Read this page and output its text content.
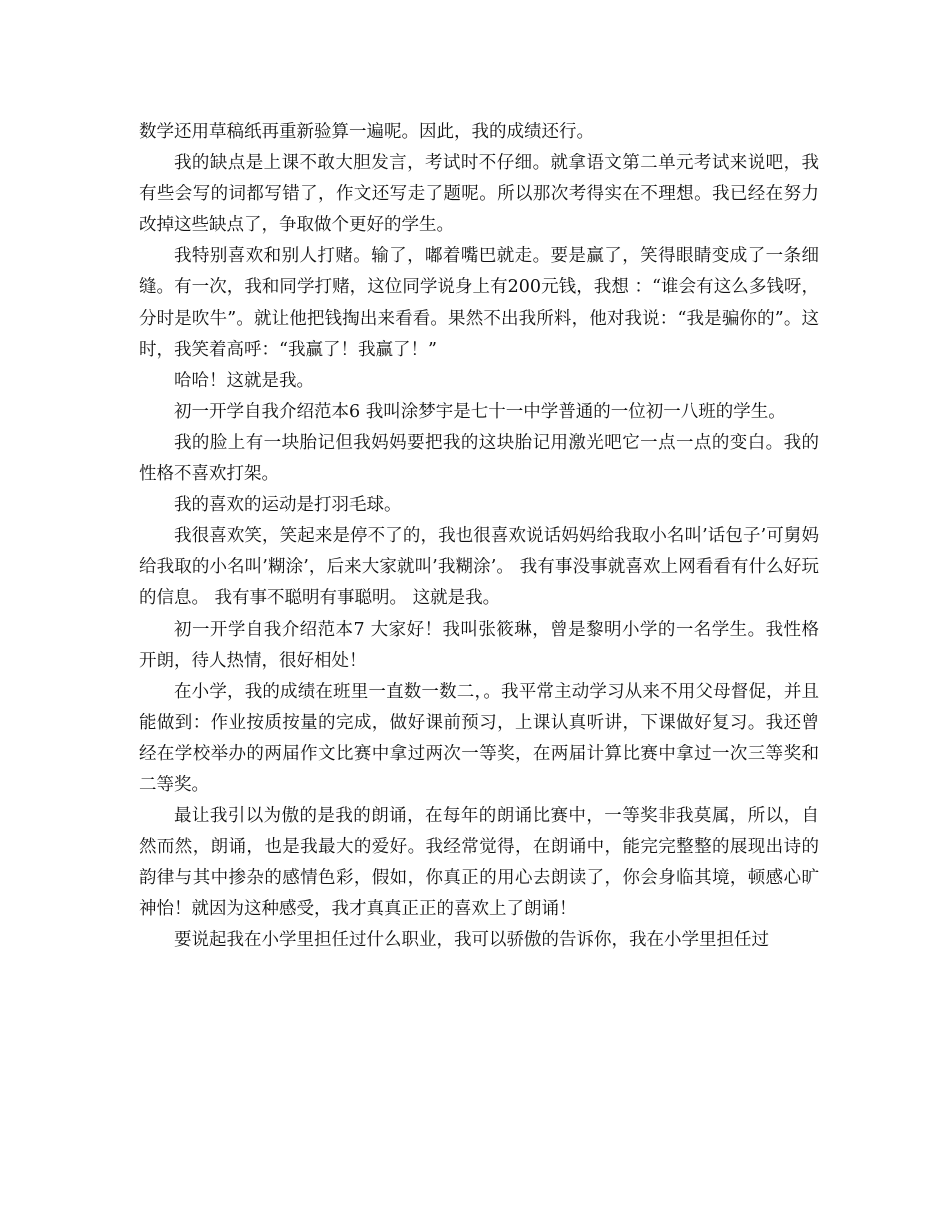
数学还用草稿纸再重新验算一遍呢。因此，我的成绩还行。

我的缺点是上课不敢大胆发言，考试时不仔细。就拿语文第二单元考试来说吧，我有些会写的词都写错了，作文还写走了题呢。所以那次考得实在不理想。我已经在努力改掉这些缺点了，争取做个更好的学生。

我特别喜欢和别人打赌。输了，嘟着嘴巴就走。要是赢了，笑得眼睛变成了一条细缝。有一次，我和同学打赌，这位同学说身上有200元钱，我想 ：“谁会有这么多钱呀，分时是吹牛”。就让他把钱掏出来看看。果然不出我所料，他对我说：“我是骗你的”。这时，我笑着高呼：“我赢了！我赢了！”

哈哈！这就是我。

初一开学自我介绍范本6 我叫涂梦宇是七十一中学普通的一位初一八班的学生。

我的脸上有一块胎记但我妈妈要把我的这块胎记用激光吧它一点一点的变白。我的性格不喜欢打架。

我的喜欢的运动是打羽毛球。

我很喜欢笑，笑起来是停不了的，我也很喜欢说话妈妈给我取小名叫’话包子’可舅妈给我取的小名叫’糊涂’，后来大家就叫’我糊涂’。 我有事没事就喜欢上网看看有什么好玩的信息。 我有事不聪明有事聪明。 这就是我。

初一开学自我介绍范本7 大家好！我叫张筱琳，曾是黎明小学的一名学生。我性格开朗，待人热情，很好相处！

在小学，我的成绩在班里一直数一数二，。我平常主动学习从来不用父母督促，并且能做到：作业按质按量的完成，做好课前预习，上课认真听讲，下课做好复习。我还曾经在学校举办的两届作文比赛中拿过两次一等奖，在两届计算比赛中拿过一次三等奖和二等奖。

最让我引以为傲的是我的朗诵，在每年的朗诵比赛中，一等奖非我莫属，所以，自然而然，朗诵，也是我最大的爱好。我经常觉得，在朗诵中，能完完整整的展现出诗的韵律与其中掺杂的感情色彩，假如，你真正的用心去朗读了，你会身临其境，顿感心旷神怡！就因为这种感受，我才真真正正的喜欢上了朗诵！

要说起我在小学里担任过什么职业，我可以骄傲的告诉你，我在小学里担任过
